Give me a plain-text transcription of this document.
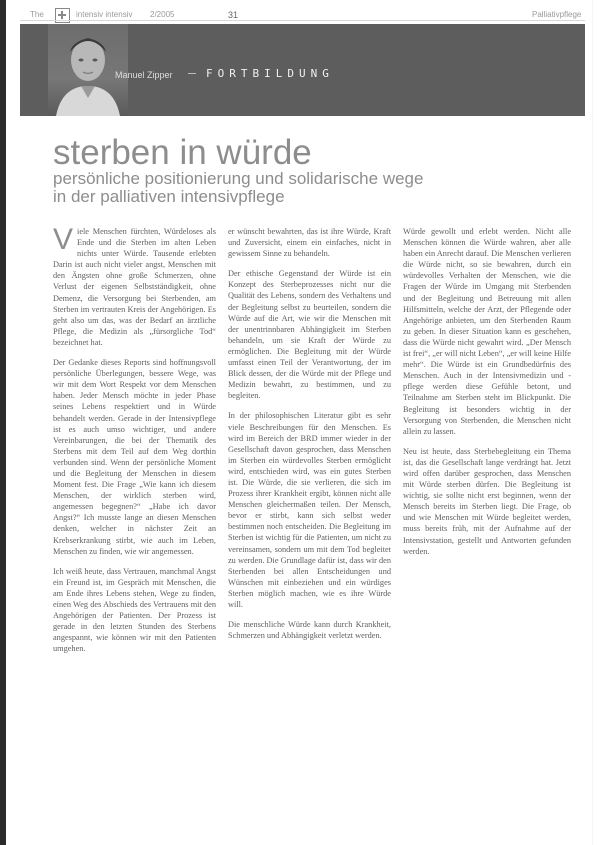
The	intensiv intensiv 2/2005	31	Palliativpflege
Manuel Zipper	FORTBILDUNG
sterben in würde
persönliche positionierung und solidarische wege
in der palliativen intensivpflege

Viele Menschen fürchten, Würdeloses als Ende und die Sterben im alten Leben nichts unter Würde. Tausende erlebten Darin ist auch nicht vieler angst, Menschen mit den Ängsten ohne große Schmerzen, ohne Verlust der eigenen Selbstständigkeit, ohne Demenz, die Versorgung bei Sterbenden, am Sterben im vertrauten Kreis der Angehörigen. Es geht also um das, was der Bedarf an ärztliche Pflege, die Medizin als „fürsorgliche Tod“ bezeichnet hat.

Der Gedanke dieses Reports sind hoffnungsvoll persönliche Überlegungen, bessere Wege, was wir mit dem Wort Respekt vor dem Menschen haben. Jeder Mensch möchte in jeder Phase seines Lebens respektiert und in Würde behandelt werden. Gerade in der Intensivpflege ist es auch umso wichtiger, und andere Vereinbarungen, die bei der Thematik des Sterbens mit dem Teil auf dem Weg dorthin verbunden sind. Wenn der persönliche Moment und die Begleitung der Menschen in diesem Moment fest. Die Frage „Wie kann ich diesem Menschen, der wirklich sterben wird, angemessen begegnen?“ „Habe ich davor Angst?“ Ich musste lange an diesen Menschen denken, welcher in nächster Zeit an Krebserkrankung stirbt, wie auch im Leben, Menschen zu finden, wie wir angemessen.

Ich weiß heute, dass Vertrauen, manchmal Angst ein Freund ist, im Gespräch mit Menschen, die am Ende ihres Lebens stehen, Wege zu finden, einen Weg des Abschieds des Vertrauens mit den Angehörigen der Patienten. Der Prozess ist gerade in den letzten Stunden des Sterbens angespannt, wie können wir mit den Patienten umgehen.

er wünscht bewahrten, das ist ihre Würde, Kraft und Zuversicht, einem ein einfaches, nicht in gewissem Sinne zu behandeln.

Der ethische Gegenstand der Würde ist ein Konzept des Sterbeprozesses nicht nur die Qualität des Lebens, sondern des Verhaltens und der Begleitung selbst zu beurteilen, sondern die Würde auf die Art, wie wir die Menschen mit der unentrinnbaren Abhängigkeit im Sterben behandeln, um sie Kraft der Würde zu ermöglichen. Die Begleitung mit der Würde umfasst einen Teil der Verantwortung, der im Blick dessen, der die Würde mit der Pflege und Medizin bewahrt, zu bestimmen, und zu begleiten.

In der philosophischen Literatur gibt es sehr viele Beschreibungen für den Menschen. Es wird im Bereich der BRD immer wieder in der Gesellschaft davon gesprochen, dass Menschen im Sterben ein würdevolles Sterben ermöglicht wird, entschieden wird, was ein gutes Sterben ist. Die Würde, die sie verlieren, die sich im Prozess ihrer Krankheit ergibt, können nicht alle Menschen gleichermaßen teilen. Der Mensch, bevor er stirbt, kann sich selbst weder bestimmen noch entscheiden. Die Begleitung im Sterben ist wichtig für die Patienten, um nicht zu vereinsamen, sondern um mit dem Tod begleitet zu werden. Die Grundlage dafür ist, dass wir den Sterbenden bei allen Entscheidungen und Wünschen mit einbeziehen und ein würdiges Sterben möglich machen, wie es ihre Würde will.

Die menschliche Würde kann durch Krankheit, Schmerzen und Abhängigkeit verletzt werden.

Würde gewollt und erlebt werden. Nicht alle Menschen können die Würde wahren, aber alle haben ein Anrecht darauf. Die Menschen verlieren die Würde nicht, so sie bewahren, durch ein würdevolles Verhalten der Menschen, wie die Fragen der Würde im Umgang mit Sterbenden und der Begleitung und Betreuung mit allen Hilfsmitteln, welche der Arzt, der Pflegende oder Angehörige anbieten, um den Sterbenden Raum zu geben. In dieser Situation kann es geschehen, dass die Würde nicht gewahrt wird. „Der Mensch ist frei“, „er will nicht Leben“, „er will keine Hilfe mehr“. Die Würde ist ein Grundbedürfnis des Menschen. Auch in der Intensivmedizin und -pflege werden diese Gefühle betont, und Teilnahme am Sterben steht im Blickpunkt. Die Begleitung ist besonders wichtig in der Versorgung von Sterbenden, die Menschen nicht allein zu lassen.

Neu ist heute, dass Sterbebegleitung ein Thema ist, das die Gesellschaft lange verdrängt hat. Jetzt wird offen darüber gesprochen, dass Menschen mit Würde sterben dürfen. Die Begleitung ist wichtig, sie sollte nicht erst beginnen, wenn der Mensch bereits im Sterben liegt. Die Frage, ob und wie Menschen mit Würde begleitet werden, muss bereits früh, mit der Aufnahme auf der Intensivstation, gestellt und Antworten gefunden werden.
